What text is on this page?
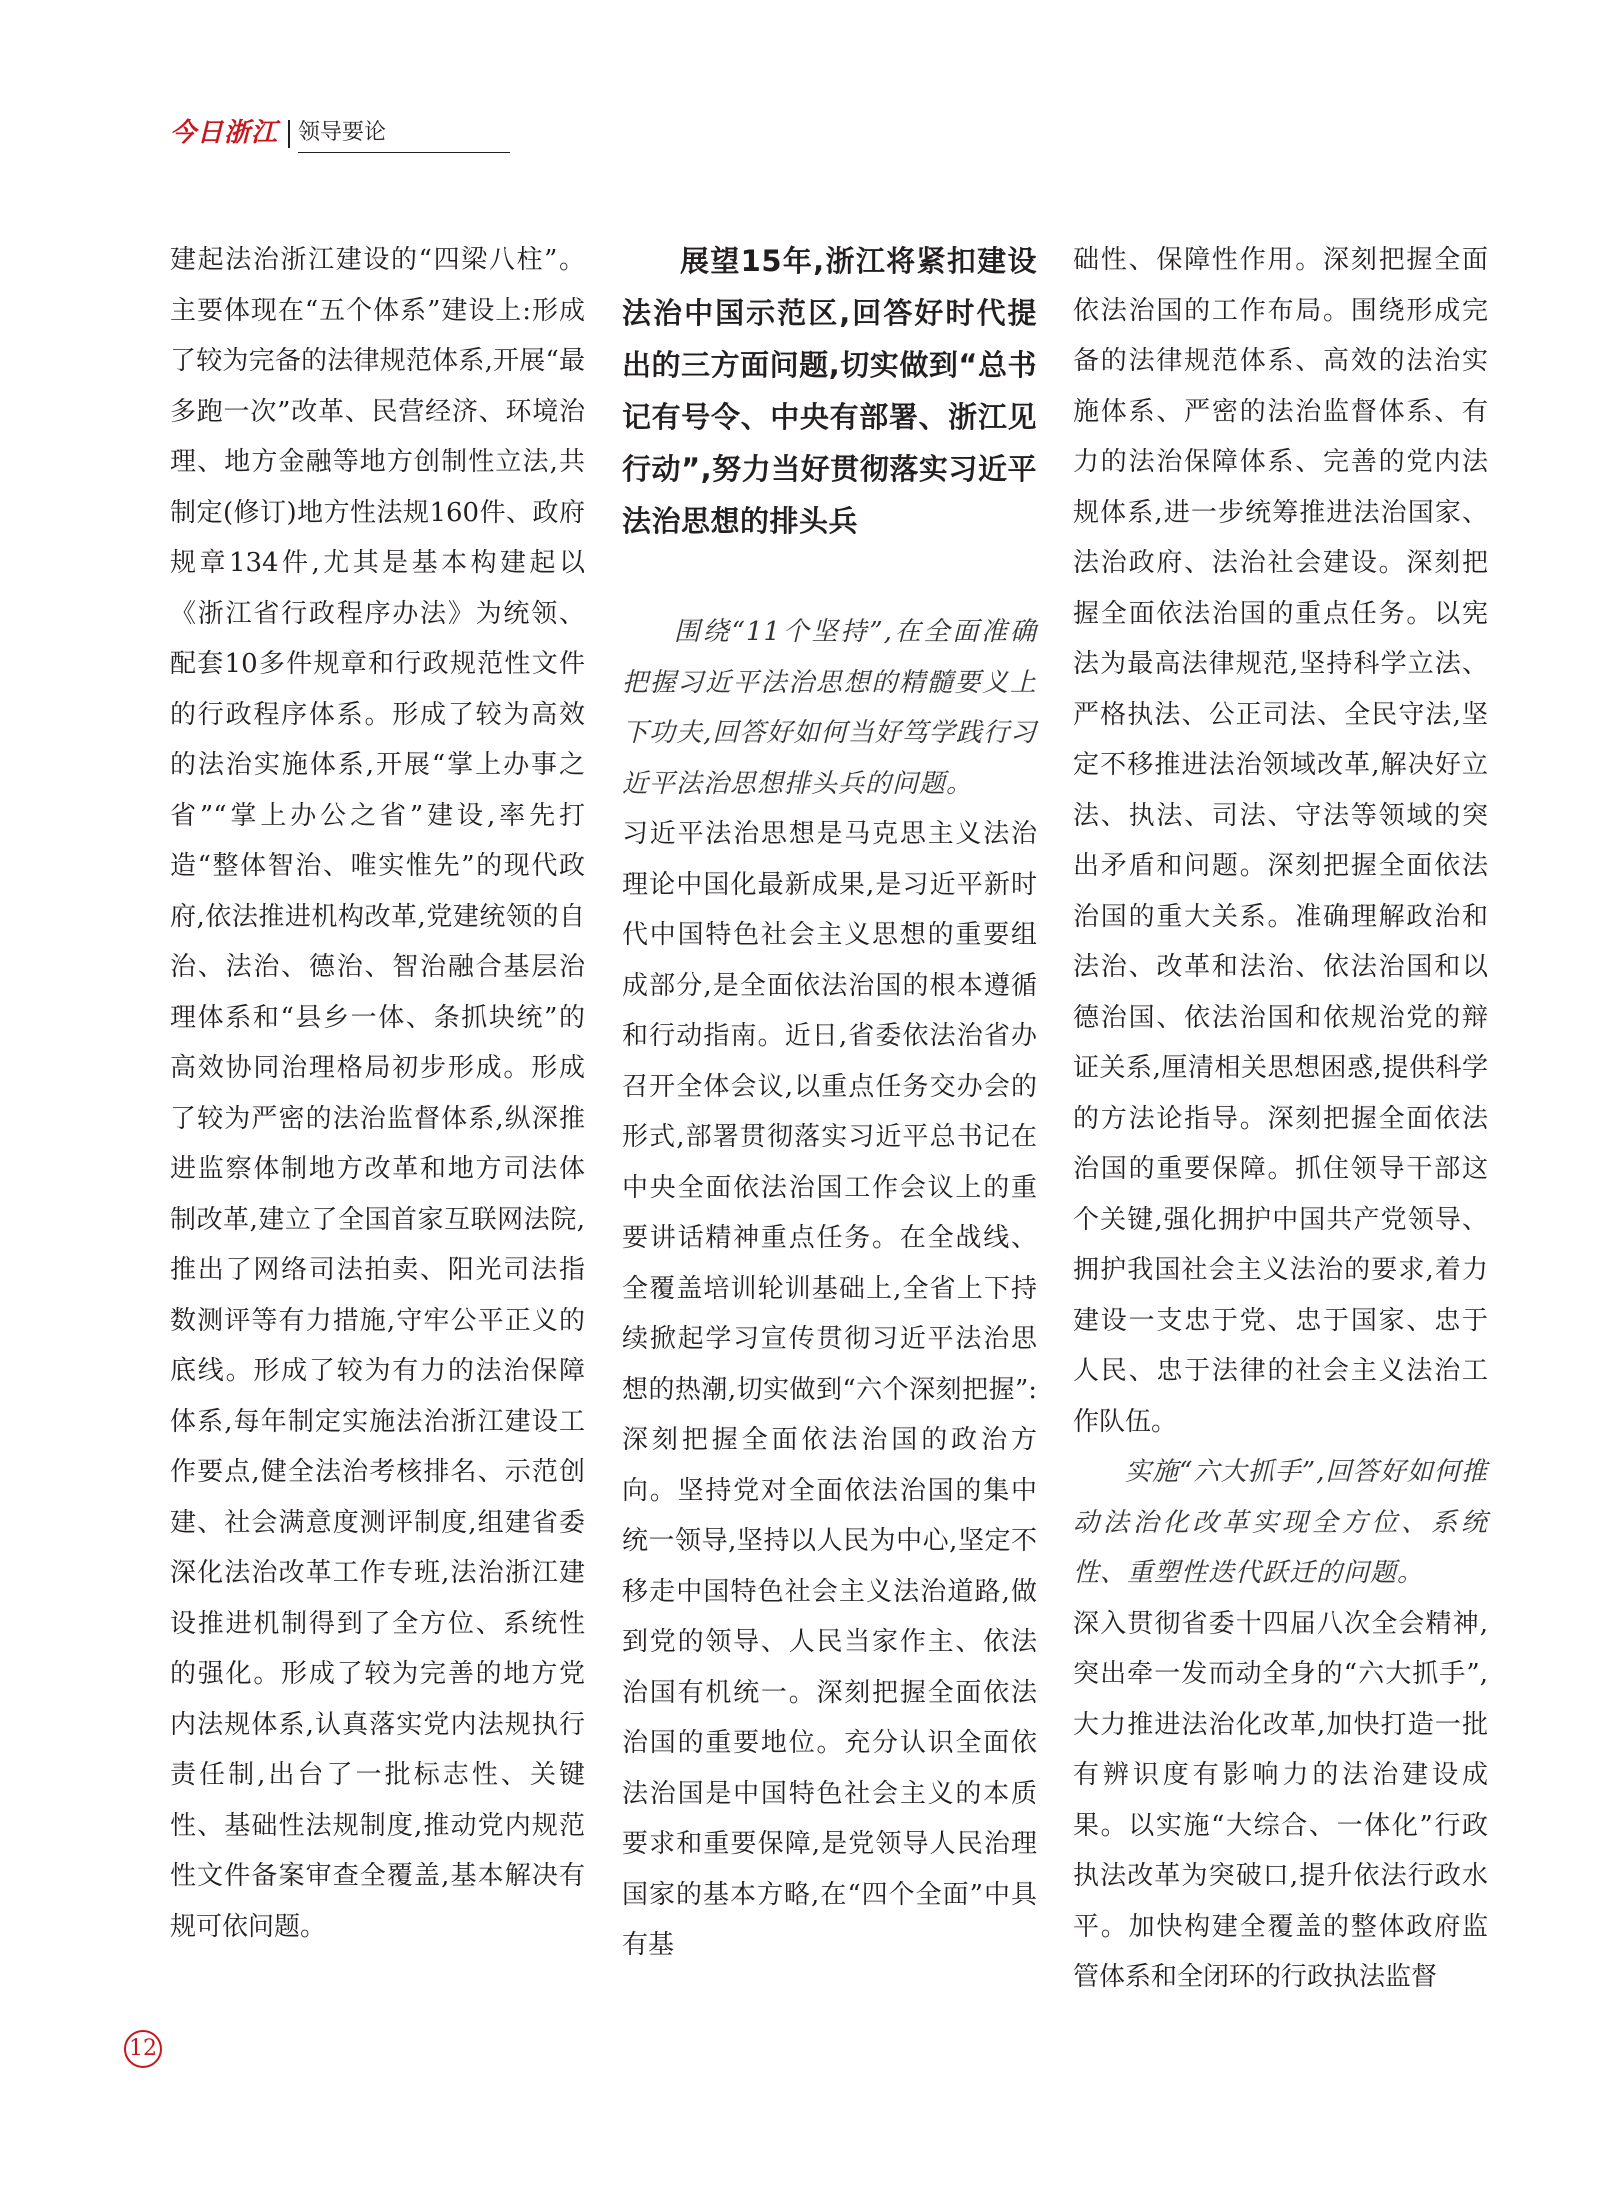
今日浙江 领导要论

建起法治浙江建设的“四梁八柱”。主要体现在“五个体系”建设上:形成了较为完备的法律规范体系,开展“最多跑一次”改革、民营经济、环境治理、地方金融等地方创制性立法,共制定(修订)地方性法规160件、政府规章134件,尤其是基本构建起以《浙江省行政程序办法》为统领、配套10多件规章和行政规范性文件的行政程序体系。形成了较为高效的法治实施体系,开展“掌上办事之省”“掌上办公之省”建设,率先打造“整体智治、唯实惟先”的现代政府,依法推进机构改革,党建统领的自治、法治、德治、智治融合基层治理体系和“县乡一体、条抓块统”的高效协同治理格局初步形成。形成了较为严密的法治监督体系,纵深推进监察体制地方改革和地方司法体制改革,建立了全国首家互联网法院,推出了网络司法拍卖、阳光司法指数测评等有力措施,守牢公平正义的底线。形成了较为有力的法治保障体系,每年制定实施法治浙江建设工作要点,健全法治考核排名、示范创建、社会满意度测评制度,组建省委深化法治改革工作专班,法治浙江建设推进机制得到了全方位、系统性的强化。形成了较为完善的地方党内法规体系,认真落实党内法规执行责任制,出台了一批标志性、关键性、基础性法规制度,推动党内规范性文件备案审查全覆盖,基本解决有规可依问题。

展望15年,浙江将紧扣建设法治中国示范区,回答好时代提出的三方面问题,切实做到“总书记有号令、中央有部署、浙江见行动”,努力当好贯彻落实习近平法治思想的排头兵

围绕“11个坚持”,在全面准确把握习近平法治思想的精髓要义上下功夫,回答好如何当好笃学践行习近平法治思想排头兵的问题。

习近平法治思想是马克思主义法治理论中国化最新成果,是习近平新时代中国特色社会主义思想的重要组成部分,是全面依法治国的根本遵循和行动指南。近日,省委依法治省办召开全体会议,以重点任务交办会的形式,部署贯彻落实习近平总书记在中央全面依法治国工作会议上的重要讲话精神重点任务。在全战线、全覆盖培训轮训基础上,全省上下持续掀起学习宣传贯彻习近平法治思想的热潮,切实做到“六个深刻把握”:深刻把握全面依法治国的政治方向。坚持党对全面依法治国的集中统一领导,坚持以人民为中心,坚定不移走中国特色社会主义法治道路,做到党的领导、人民当家作主、依法治国有机统一。深刻把握全面依法治国的重要地位。充分认识全面依法治国是中国特色社会主义的本质要求和重要保障,是党领导人民治理国家的基本方略,在“四个全面”中具有基

础性、保障性作用。深刻把握全面依法治国的工作布局。围绕形成完备的法律规范体系、高效的法治实施体系、严密的法治监督体系、有力的法治保障体系、完善的党内法规体系,进一步统筹推进法治国家、法治政府、法治社会建设。深刻把握全面依法治国的重点任务。以宪法为最高法律规范,坚持科学立法、严格执法、公正司法、全民守法,坚定不移推进法治领域改革,解决好立法、执法、司法、守法等领域的突出矛盾和问题。深刻把握全面依法治国的重大关系。准确理解政治和法治、改革和法治、依法治国和以德治国、依法治国和依规治党的辩证关系,厘清相关思想困惑,提供科学的方法论指导。深刻把握全面依法治国的重要保障。抓住领导干部这个关键,强化拥护中国共产党领导、拥护我国社会主义法治的要求,着力建设一支忠于党、忠于国家、忠于人民、忠于法律的社会主义法治工作队伍。

实施“六大抓手”,回答好如何推动法治化改革实现全方位、系统性、重塑性迭代跃迁的问题。

深入贯彻省委十四届八次全会精神,突出牵一发而动全身的“六大抓手”,大力推进法治化改革,加快打造一批有辨识度有影响力的法治建设成果。以实施“大综合、一体化”行政执法改革为突破口,提升依法行政水平。加快构建全覆盖的整体政府监管体系和全闭环的行政执法监督

12
